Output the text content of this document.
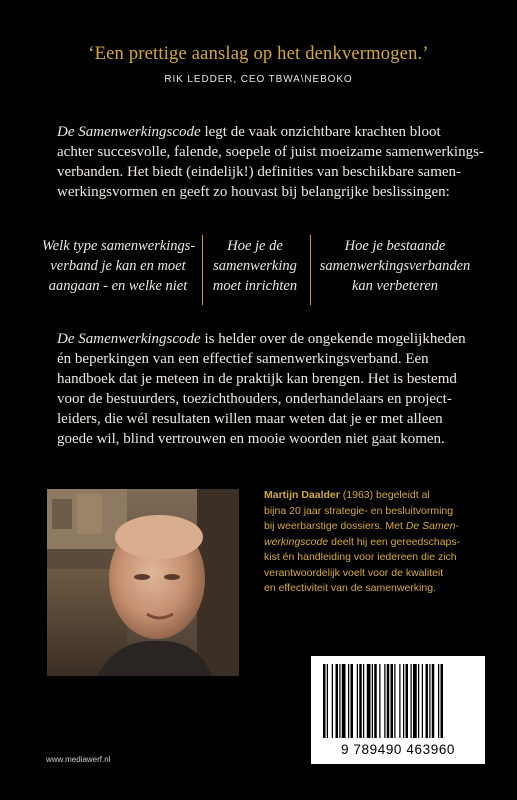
‘Een prettige aanslag op het denkvermogen.’
RIK LEDDER, CEO TBWA\NEBOKO
De Samenwerkingscode legt de vaak onzichtbare krachten bloot
achter succesvolle, falende, soepele of juist moeizame samenwerkings-
verbanden. Het biedt (eindelijk!) definities van beschikbare samen-
werkingsvormen en geeft zo houvast bij belangrijke beslissingen:
Welk type samenwerkings-
verband je kan en moet
aangaan - en welke niet
Hoe je de
samenwerking
moet inrichten
Hoe je bestaande
samenwerkingsverbanden
kan verbeteren
De Samenwerkingscode is helder over de ongekende mogelijkheden
én beperkingen van een effectief samenwerkingsverband. Een
handboek dat je meteen in de praktijk kan brengen. Het is bestemd
voor de bestuurders, toezichthouders, onderhandelaars en project-
leiders, die wél resultaten willen maar weten dat je er met alleen
goede wil, blind vertrouwen en mooie woorden niet gaat komen.
Martijn Daalder (1963) begeleidt al
bijna 20 jaar strategie- en besluitvorming
bij weerbarstige dossiers. Met De Samen-
werkingscode deelt hij een gereedschaps-
kist én handleiding voor iedereen die zich
verantwoordelijk voelt voor de kwaliteit
en effectiviteit van de samenwerking.
9 789490 463960
www.mediawerf.nl
